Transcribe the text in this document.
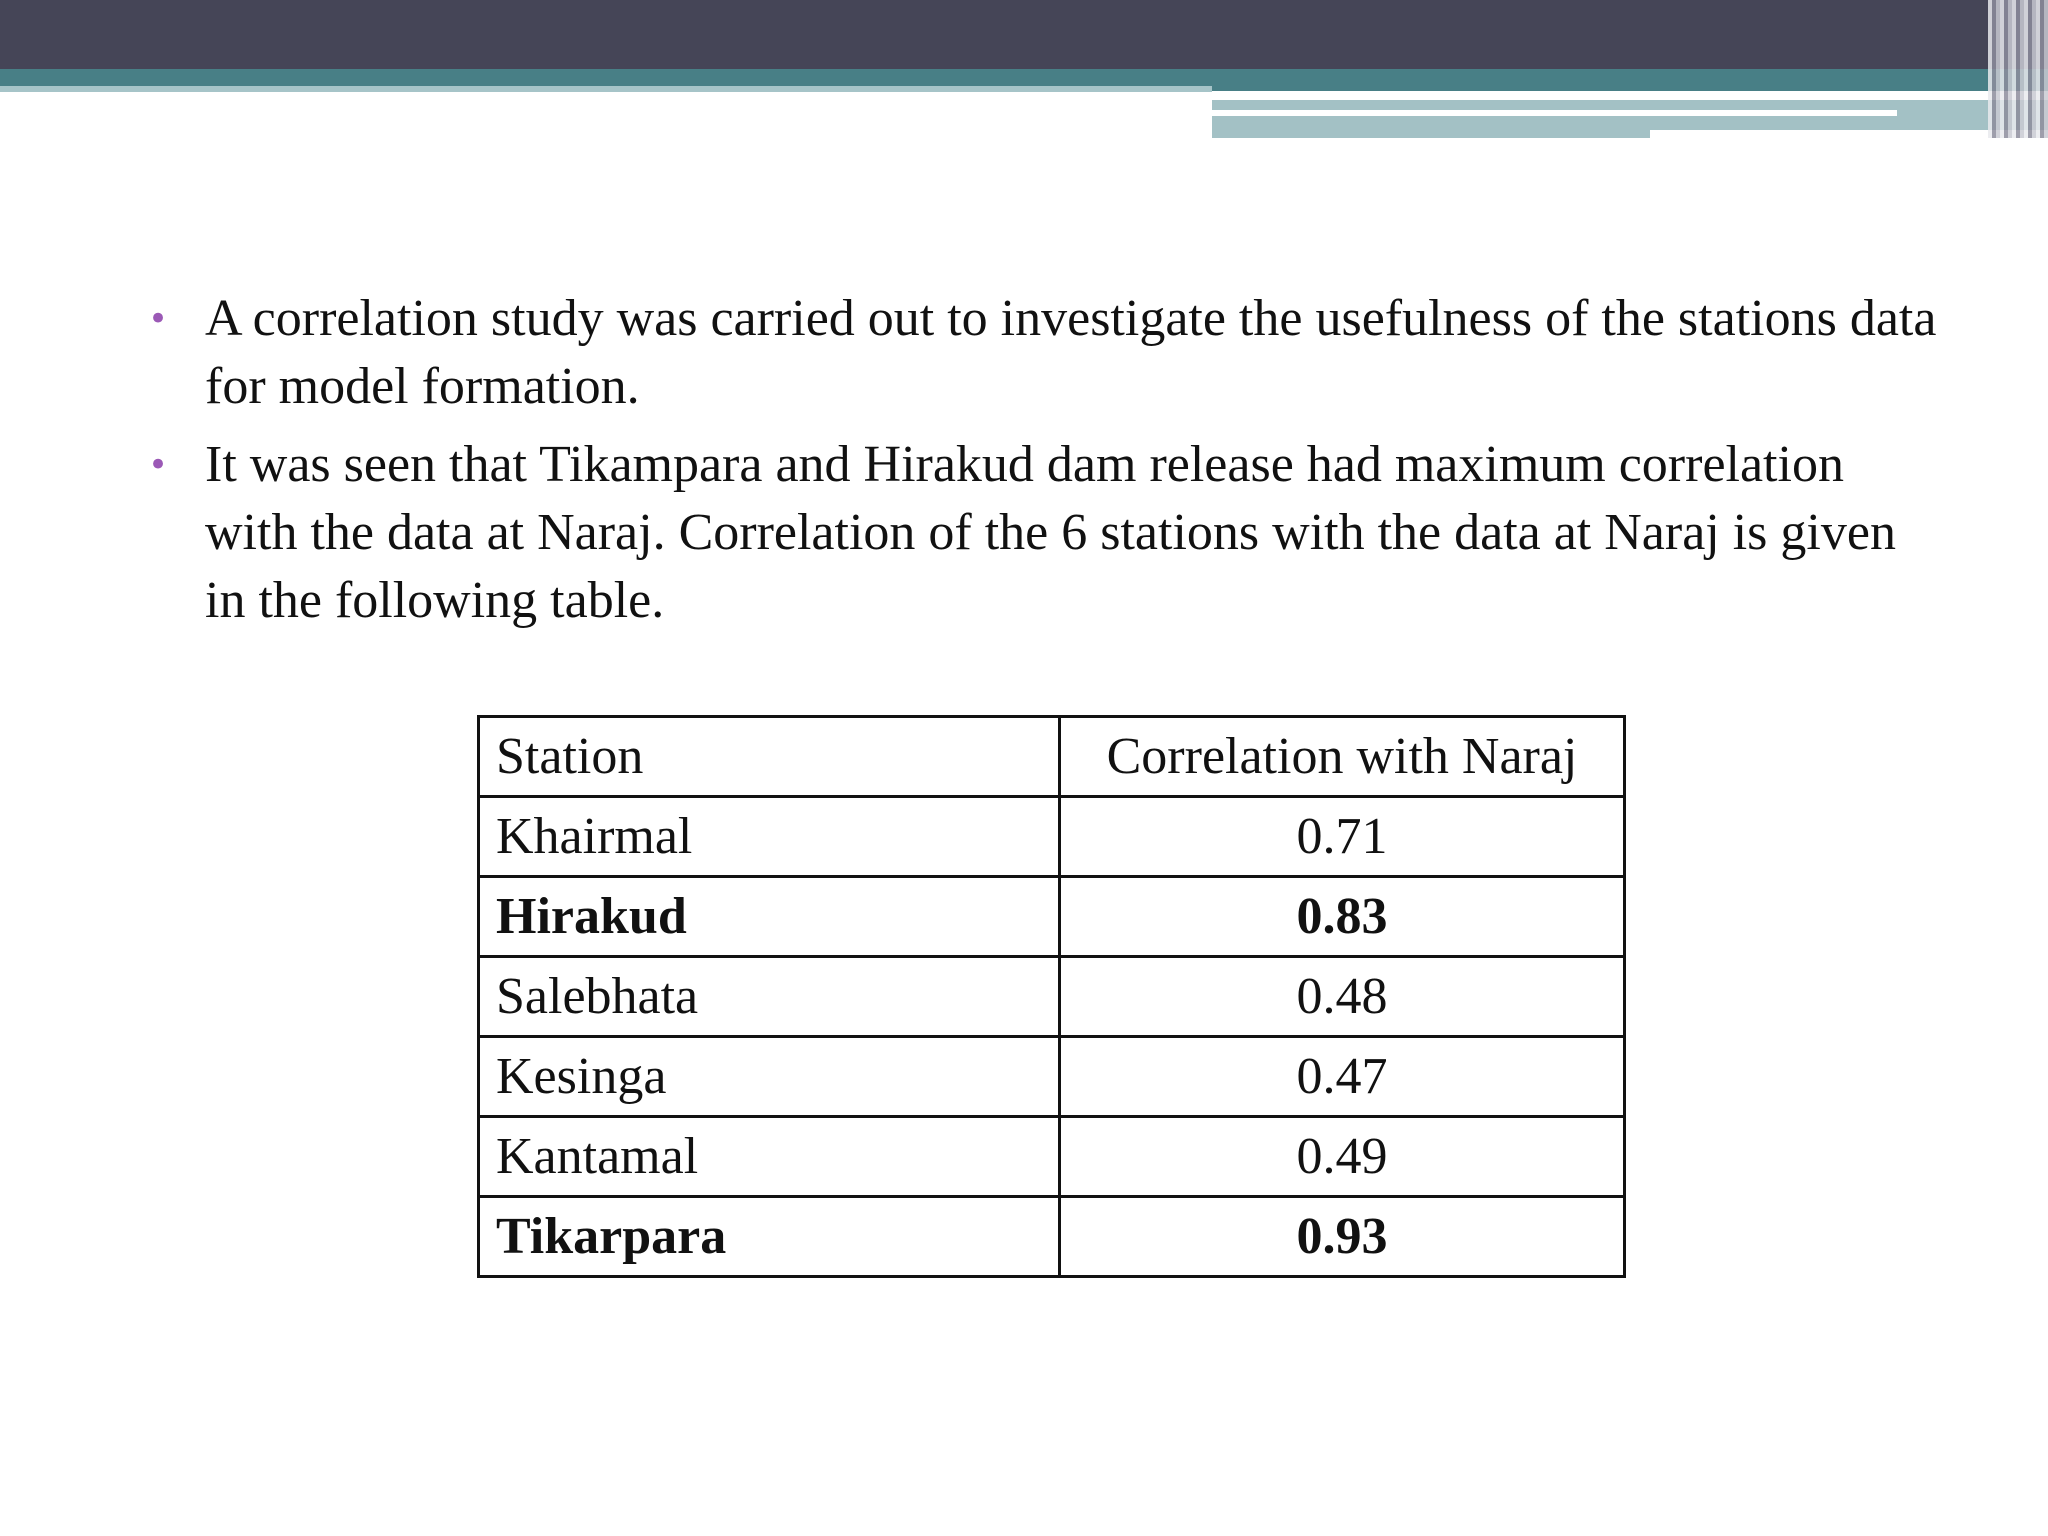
• A correlation study was carried out to investigate the usefulness of the stations data for model formation.
• It was seen that Tikampara and Hirakud dam release had maximum correlation with the data at Naraj. Correlation of the 6 stations with the data at Naraj is given in the following table.
Station	Correlation with Naraj
Khairmal	0.71
Hirakud	0.83
Salebhata	0.48
Kesinga	0.47
Kantamal	0.49
Tikarpara	0.93
